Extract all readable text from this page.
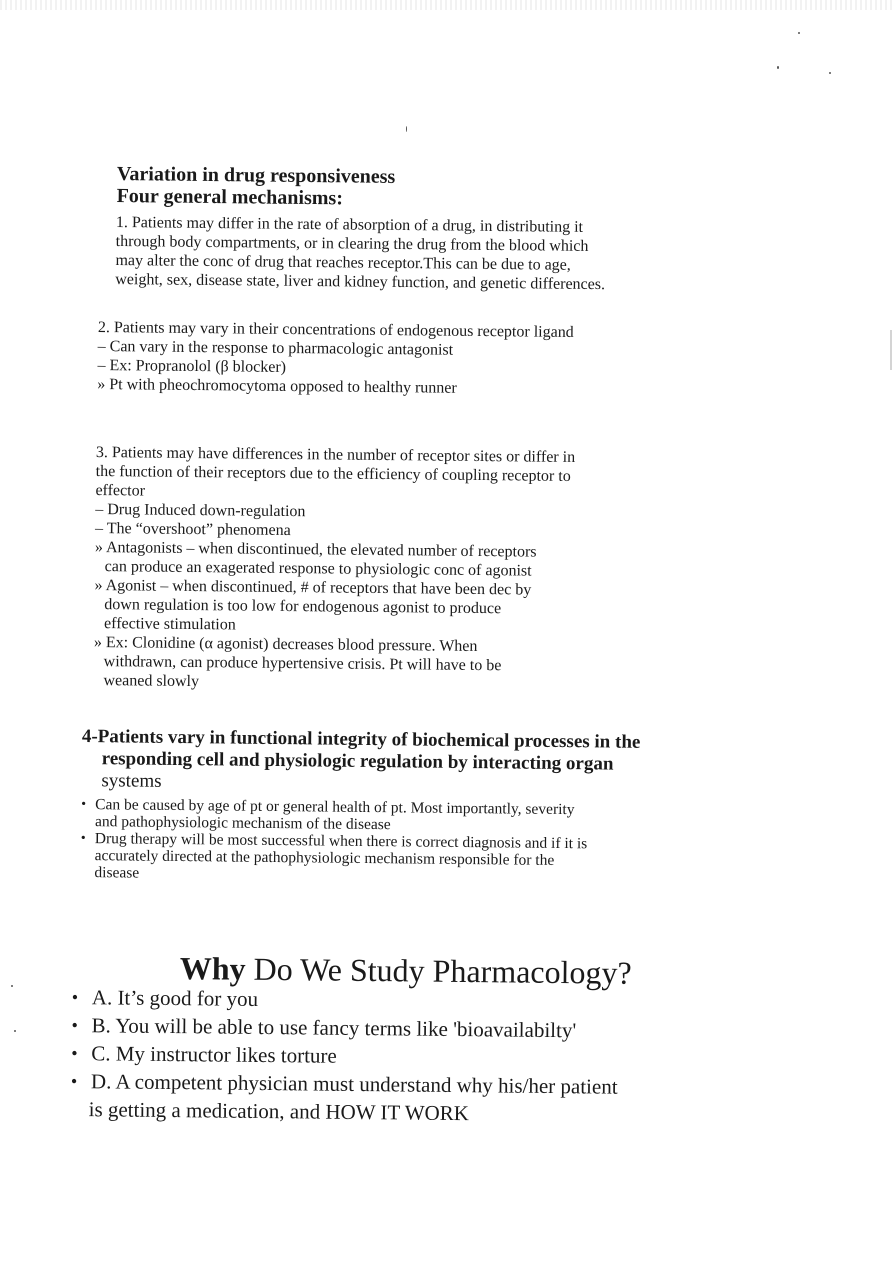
Variation in drug responsiveness
Four general mechanisms:
1. Patients may differ in the rate of absorption of a drug, in distributing it
through body compartments, or in clearing the drug from the blood which
may alter the conc of drug that reaches receptor.This can be due to age,
weight, sex, disease state, liver and kidney function, and genetic differences.
2. Patients may vary in their concentrations of endogenous receptor ligand
– Can vary in the response to pharmacologic antagonist
– Ex: Propranolol (β blocker)
» Pt with pheochromocytoma opposed to healthy runner
3. Patients may have differences in the number of receptor sites or differ in
the function of their receptors due to the efficiency of coupling receptor to
effector
– Drug Induced down-regulation
– The “overshoot” phenomena
» Antagonists – when discontinued, the elevated number of receptors
can produce an exagerated response to physiologic conc of agonist
» Agonist – when discontinued, # of receptors that have been dec by
down regulation is too low for endogenous agonist to produce
effective stimulation
» Ex: Clonidine (α agonist) decreases blood pressure. When
withdrawn, can produce hypertensive crisis. Pt will have to be
weaned slowly
4-Patients vary in functional integrity of biochemical processes in the
responding cell and physiologic regulation by interacting organ
systems
• Can be caused by age of pt or general health of pt. Most importantly, severity
and pathophysiologic mechanism of the disease
• Drug therapy will be most successful when there is correct diagnosis and if it is
accurately directed at the pathophysiologic mechanism responsible for the
disease
Why Do We Study Pharmacology?
• A. It’s good for you
• B. You will be able to use fancy terms like 'bioavailabilty'
• C. My instructor likes torture
• D. A competent physician must understand why his/her patient
is getting a medication, and HOW IT WORK
